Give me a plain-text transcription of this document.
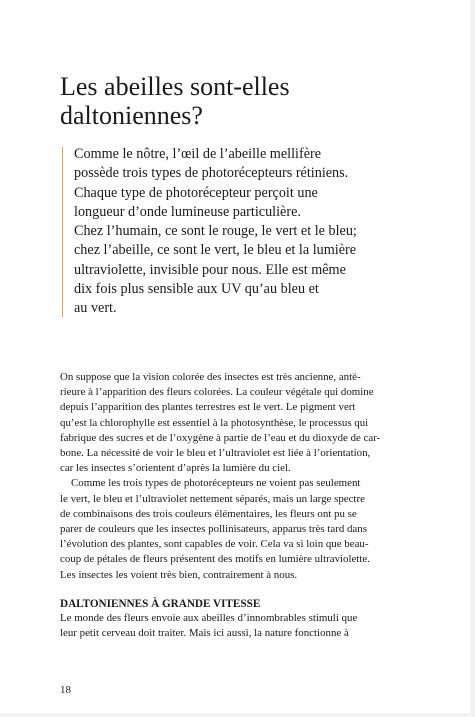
Les abeilles sont-elles
daltoniennes?
Comme le nôtre, l’œil de l’abeille mellifère
possède trois types de photorécepteurs rétiniens.
Chaque type de photorécepteur perçoit une
longueur d’onde lumineuse particulière.
Chez l’humain, ce sont le rouge, le vert et le bleu;
chez l’abeille, ce sont le vert, le bleu et la lumière
ultraviolette, invisible pour nous. Elle est même
dix fois plus sensible aux UV qu’au bleu et
au vert.
On suppose que la vision colorée des insectes est très ancienne, anté-
rieure à l’apparition des fleurs colorées. La couleur végétale qui domine
depuis l’apparition des plantes terrestres est le vert. Le pigment vert
qu’est la chlorophylle est essentiel à la photosynthèse, le processus qui
fabrique des sucres et de l’oxygène à partie de l’eau et du dioxyde de car-
bone. La nécessité de voir le bleu et l’ultraviolet est liée à l’orientation,
car les insectes s’orientent d’après la lumière du ciel.
Comme les trois types de photorécepteurs ne voient pas seulement
le vert, le bleu et l’ultraviolet nettement séparés, mais un large spectre
de combinaisons des trois couleurs élémentaires, les fleurs ont pu se
parer de couleurs que les insectes pollinisateurs, apparus très tard dans
l’évolution des plantes, sont capables de voir. Cela va si loin que beau-
coup de pétales de fleurs présentent des motifs en lumière ultraviolette.
Les insectes les voient très bien, contrairement à nous.
DALTONIENNES À GRANDE VITESSE
Le monde des fleurs envoie aux abeilles d’innombrables stimuli que
leur petit cerveau doit traiter. Mais ici aussi, la nature fonctionne à
18
